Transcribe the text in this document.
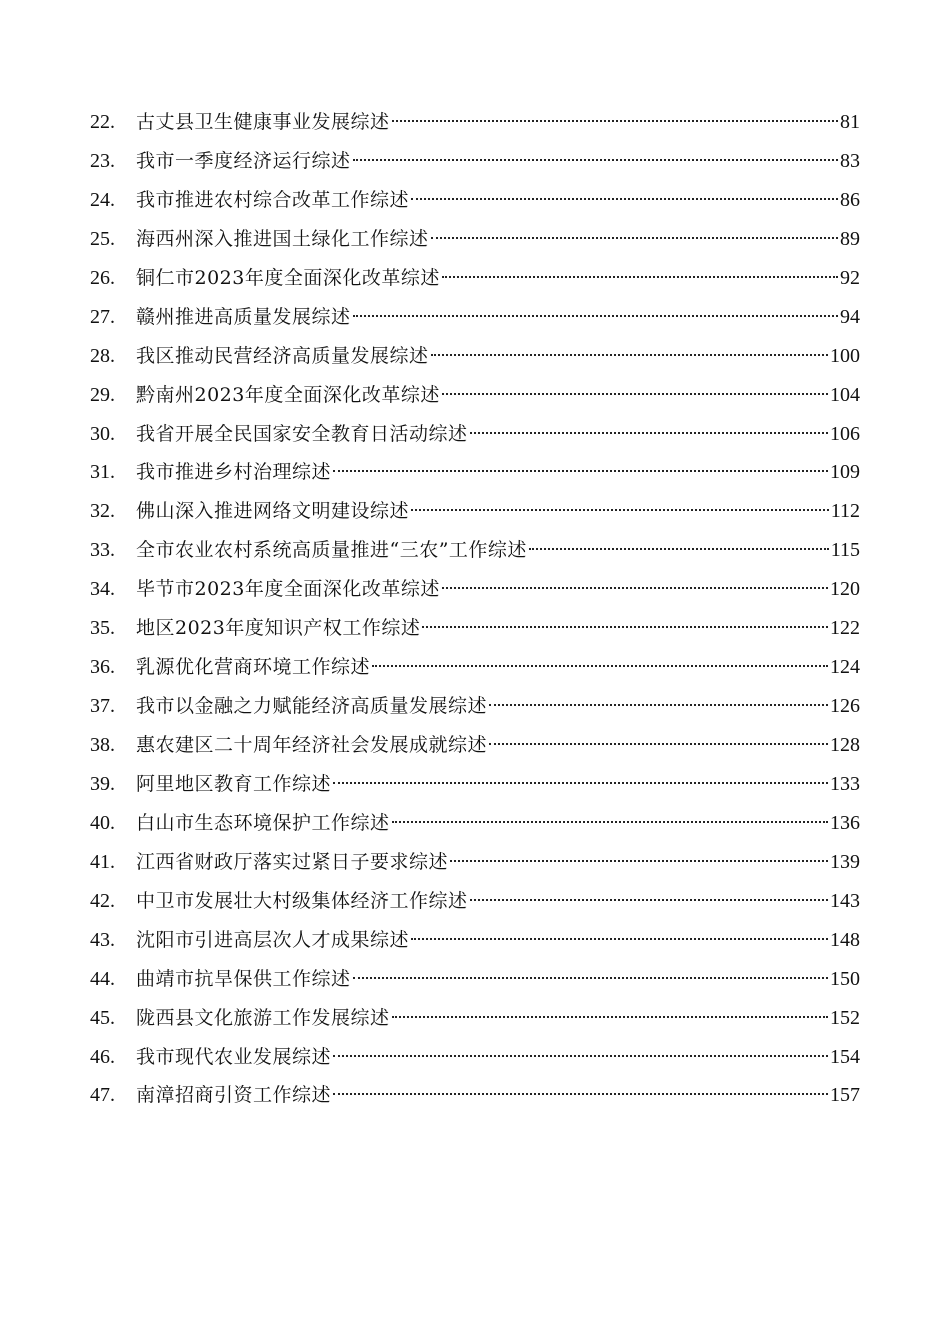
22.	古丈县卫生健康事业发展综述	81
23.	我市一季度经济运行综述	83
24.	我市推进农村综合改革工作综述	86
25.	海西州深入推进国土绿化工作综述	89
26.	铜仁市2023年度全面深化改革综述	92
27.	赣州推进高质量发展综述	94
28.	我区推动民营经济高质量发展综述	100
29.	黔南州2023年度全面深化改革综述	104
30.	我省开展全民国家安全教育日活动综述	106
31.	我市推进乡村治理综述	109
32.	佛山深入推进网络文明建设综述	112
33.	全市农业农村系统高质量推进“三农”工作综述	115
34.	毕节市2023年度全面深化改革综述	120
35.	地区2023年度知识产权工作综述	122
36.	乳源优化营商环境工作综述	124
37.	我市以金融之力赋能经济高质量发展综述	126
38.	惠农建区二十周年经济社会发展成就综述	128
39.	阿里地区教育工作综述	133
40.	白山市生态环境保护工作综述	136
41.	江西省财政厅落实过紧日子要求综述	139
42.	中卫市发展壮大村级集体经济工作综述	143
43.	沈阳市引进高层次人才成果综述	148
44.	曲靖市抗旱保供工作综述	150
45.	陇西县文化旅游工作发展综述	152
46.	我市现代农业发展综述	154
47.	南漳招商引资工作综述	157
